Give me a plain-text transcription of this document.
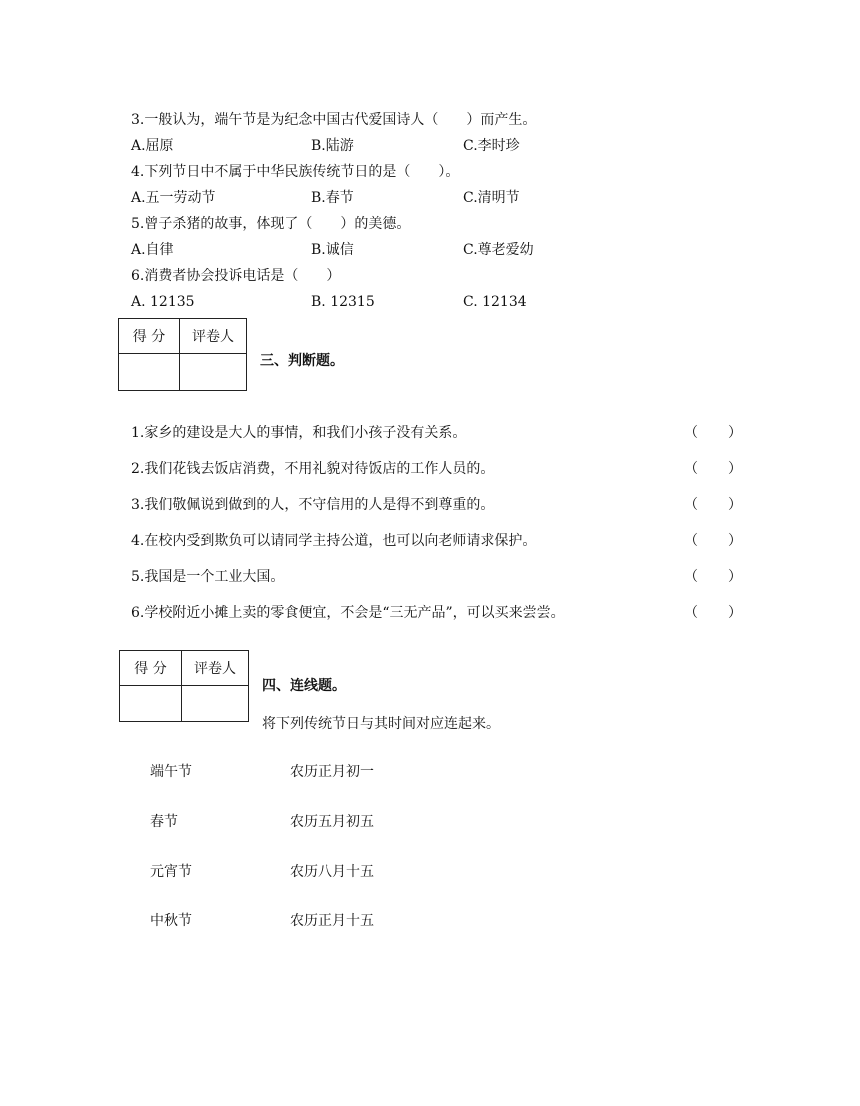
3.一般认为，端午节是为纪念中国古代爱国诗人（　　）而产生。
A.屈原	B.陆游	C.李时珍
4.下列节日中不属于中华民族传统节日的是（　　）。
A.五一劳动节	B.春节	C.清明节
5.曾子杀猪的故事，体现了（　　）的美德。
A.自律	B.诚信	C.尊老爱幼
6.消费者协会投诉电话是（　　）
A. 12135	B. 12315	C. 12134
得 分	评卷人

三、判断题。
1.家乡的建设是大人的事情，和我们小孩子没有关系。	（ ）
2.我们花钱去饭店消费，不用礼貌对待饭店的工作人员的。	（ ）
3.我们敬佩说到做到的人，不守信用的人是得不到尊重的。	（ ）
4.在校内受到欺负可以请同学主持公道，也可以向老师请求保护。	（ ）
5.我国是一个工业大国。	（ ）
6.学校附近小摊上卖的零食便宜，不会是“三无产品”，可以买来尝尝。	（ ）
得 分	评卷人

四、连线题。
将下列传统节日与其时间对应连起来。
端午节	农历正月初一
春节	农历五月初五
元宵节	农历八月十五
中秋节	农历正月十五
